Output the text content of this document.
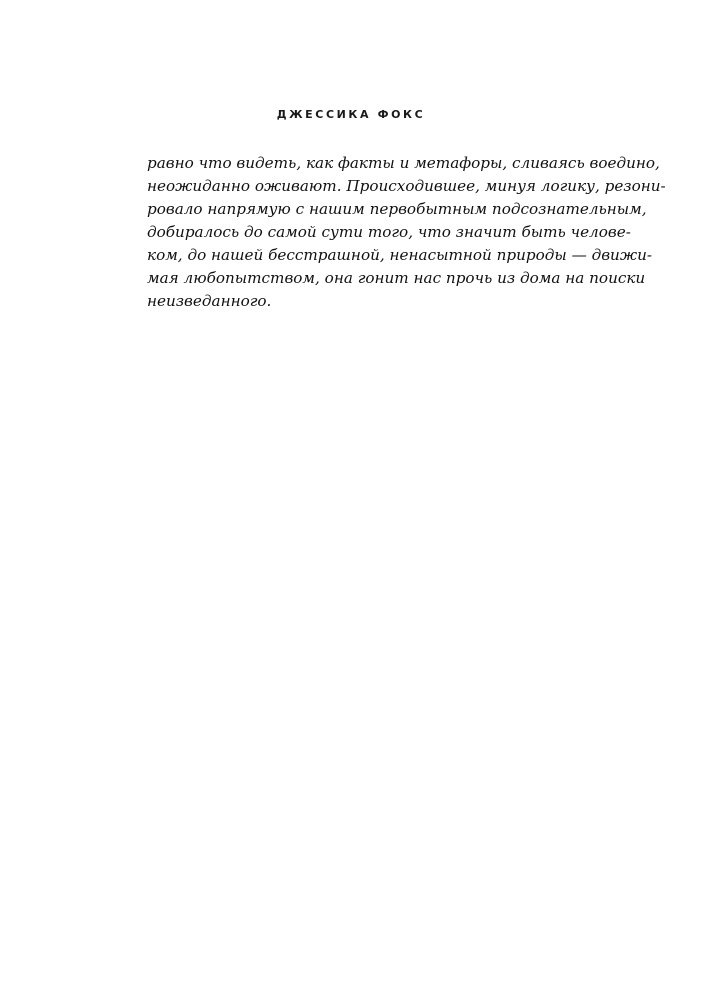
ДЖЕССИКА ФОКС
равно что видеть, как факты и метафоры, сливаясь воедино,
неожиданно оживают. Происходившее, минуя логику, резони-
ровало напрямую с нашим первобытным подсознательным,
добиралось до самой сути того, что значит быть челове-
ком, до нашей бесстрашной, ненасытной природы — движи-
мая любопытством, она гонит нас прочь из дома на поиски
неизведанного.
